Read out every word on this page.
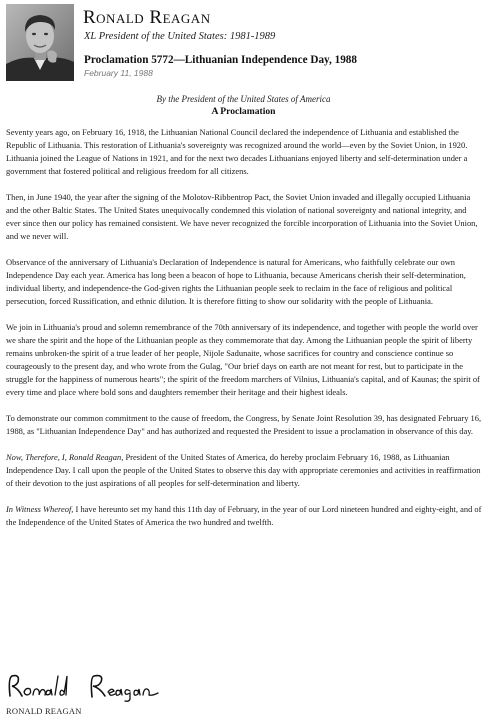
Ronald Reagan
XL President of the United States: 1981-1989
Proclamation 5772—Lithuanian Independence Day, 1988
February 11, 1988
By the President of the United States of America
A Proclamation

Seventy years ago, on February 16, 1918, the Lithuanian National Council declared the independence of Lithuania and established the Republic of Lithuania. This restoration of Lithuania's sovereignty was recognized around the world—even by the Soviet Union, in 1920. Lithuania joined the League of Nations in 1921, and for the next two decades Lithuanians enjoyed liberty and self-determination under a government that fostered political and religious freedom for all citizens.

Then, in June 1940, the year after the signing of the Molotov-Ribbentrop Pact, the Soviet Union invaded and illegally occupied Lithuania and the other Baltic States. The United States unequivocally condemned this violation of national sovereignty and national integrity, and ever since then our policy has remained consistent. We have never recognized the forcible incorporation of Lithuania into the Soviet Union, and we never will.

Observance of the anniversary of Lithuania's Declaration of Independence is natural for Americans, who faithfully celebrate our own Independence Day each year. America has long been a beacon of hope to Lithuania, because Americans cherish their self-determination, individual liberty, and independence-the God-given rights the Lithuanian people seek to reclaim in the face of religious and political persecution, forced Russification, and ethnic dilution. It is therefore fitting to show our solidarity with the people of Lithuania.

We join in Lithuania's proud and solemn remembrance of the 70th anniversary of its independence, and together with people the world over we share the spirit and the hope of the Lithuanian people as they commemorate that day. Among the Lithuanian people the spirit of liberty remains unbroken-the spirit of a true leader of her people, Nijole Sadunaite, whose sacrifices for country and conscience continue so courageously to the present day, and who wrote from the Gulag, "Our brief days on earth are not meant for rest, but to participate in the struggle for the happiness of numerous hearts"; the spirit of the freedom marchers of Vilnius, Lithuania's capital, and of Kaunas; the spirit of every time and place where bold sons and daughters remember their heritage and their highest ideals.

To demonstrate our common commitment to the cause of freedom, the Congress, by Senate Joint Resolution 39, has designated February 16, 1988, as "Lithuanian Independence Day" and has authorized and requested the President to issue a proclamation in observance of this day.

Now, Therefore, I, Ronald Reagan, President of the United States of America, do hereby proclaim February 16, 1988, as Lithuanian Independence Day. I call upon the people of the United States to observe this day with appropriate ceremonies and activities in reaffirmation of their devotion to the just aspirations of all peoples for self-determination and liberty.

In Witness Whereof, I have hereunto set my hand this 11th day of February, in the year of our Lord nineteen hundred and eighty-eight, and of the Independence of the United States of America the two hundred and twelfth.

RONALD REAGAN
